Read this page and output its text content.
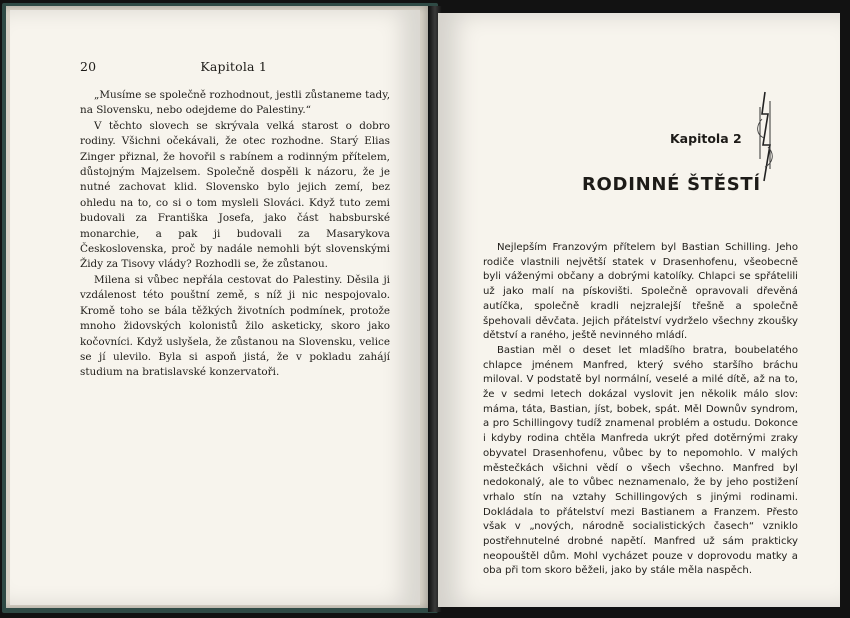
20	Kapitola 1

„Musíme se společně rozhodnout, jestli zůstaneme tady, na Slovensku, nebo odejdeme do Palestiny.“

V těchto slovech se skrývala velká starost o dobro rodiny. Všichni očekávali, že otec rozhodne. Starý Elias Zinger přiznal, že hovořil s rabínem a rodinným přítelem, důstojným Majzelsem. Společně dospěli k názoru, že je nutné zachovat klid. Slovensko bylo jejich zemí, bez ohledu na to, co si o tom mysleli Slováci. Když tuto zemi budovali za Františka Josefa, jako část habsburské monarchie, a pak ji budovali za Masarykova Československa, proč by nadále nemohli být slovenskými Židy za Tisovy vlády? Rozhodli se, že zůstanou.

Milena si vůbec nepřála cestovat do Palestiny. Děsila ji vzdálenost této pouštní země, s níž ji nic nespojovalo. Kromě toho se bála těžkých životních podmínek, protože mnoho židovských kolonistů žilo asketicky, skoro jako kočovníci. Když uslyšela, že zůstanou na Slovensku, velice se jí ulevilo. Byla si aspoň jistá, že v pokladu zahájí studium na bratislavské konzervatoři.

Kapitola 2
RODINNÉ ŠTĚSTÍ

Nejlepším Franzovým přítelem byl Bastian Schilling. Jeho rodiče vlastnili největší statek v Drasenhofenu, všeobecně byli váženými občany a dobrými katolíky. Chlapci se spřátelili už jako malí na pískovišti. Společně opravovali dřevěná autíčka, společně kradli nejzralejší třešně a společně špehovali děvčata. Jejich přátelství vydrželo všechny zkoušky dětství a raného, ještě nevinného mládí.

Bastian měl o deset let mladšího bratra, boubelatého chlapce jménem Manfred, který svého staršího bráchu miloval. V podstatě byl normální, veselé a milé dítě, až na to, že v sedmi letech dokázal vyslovit jen několik málo slov: máma, táta, Bastian, jíst, bobek, spát. Měl Downův syndrom, a pro Schillingovy tudíž znamenal problém a ostudu. Dokonce i kdyby rodina chtěla Manfreda ukrýt před dotěrnými zraky obyvatel Drasenhofenu, vůbec by to nepomohlo. V malých městečkách všichni vědí o všech všechno. Manfred byl nedokonalý, ale to vůbec neznamenalo, že by jeho postižení vrhalo stín na vztahy Schillingových s jinými rodinami. Dokládala to přátelství mezi Bastianem a Franzem. Přesto však v „nových, národně socialistických časech“ vzniklo postřehnutelné drobné napětí. Manfred už sám prakticky neopouštěl dům. Mohl vycházet pouze v doprovodu matky a oba při tom skoro běželi, jako by stále měla naspěch.
